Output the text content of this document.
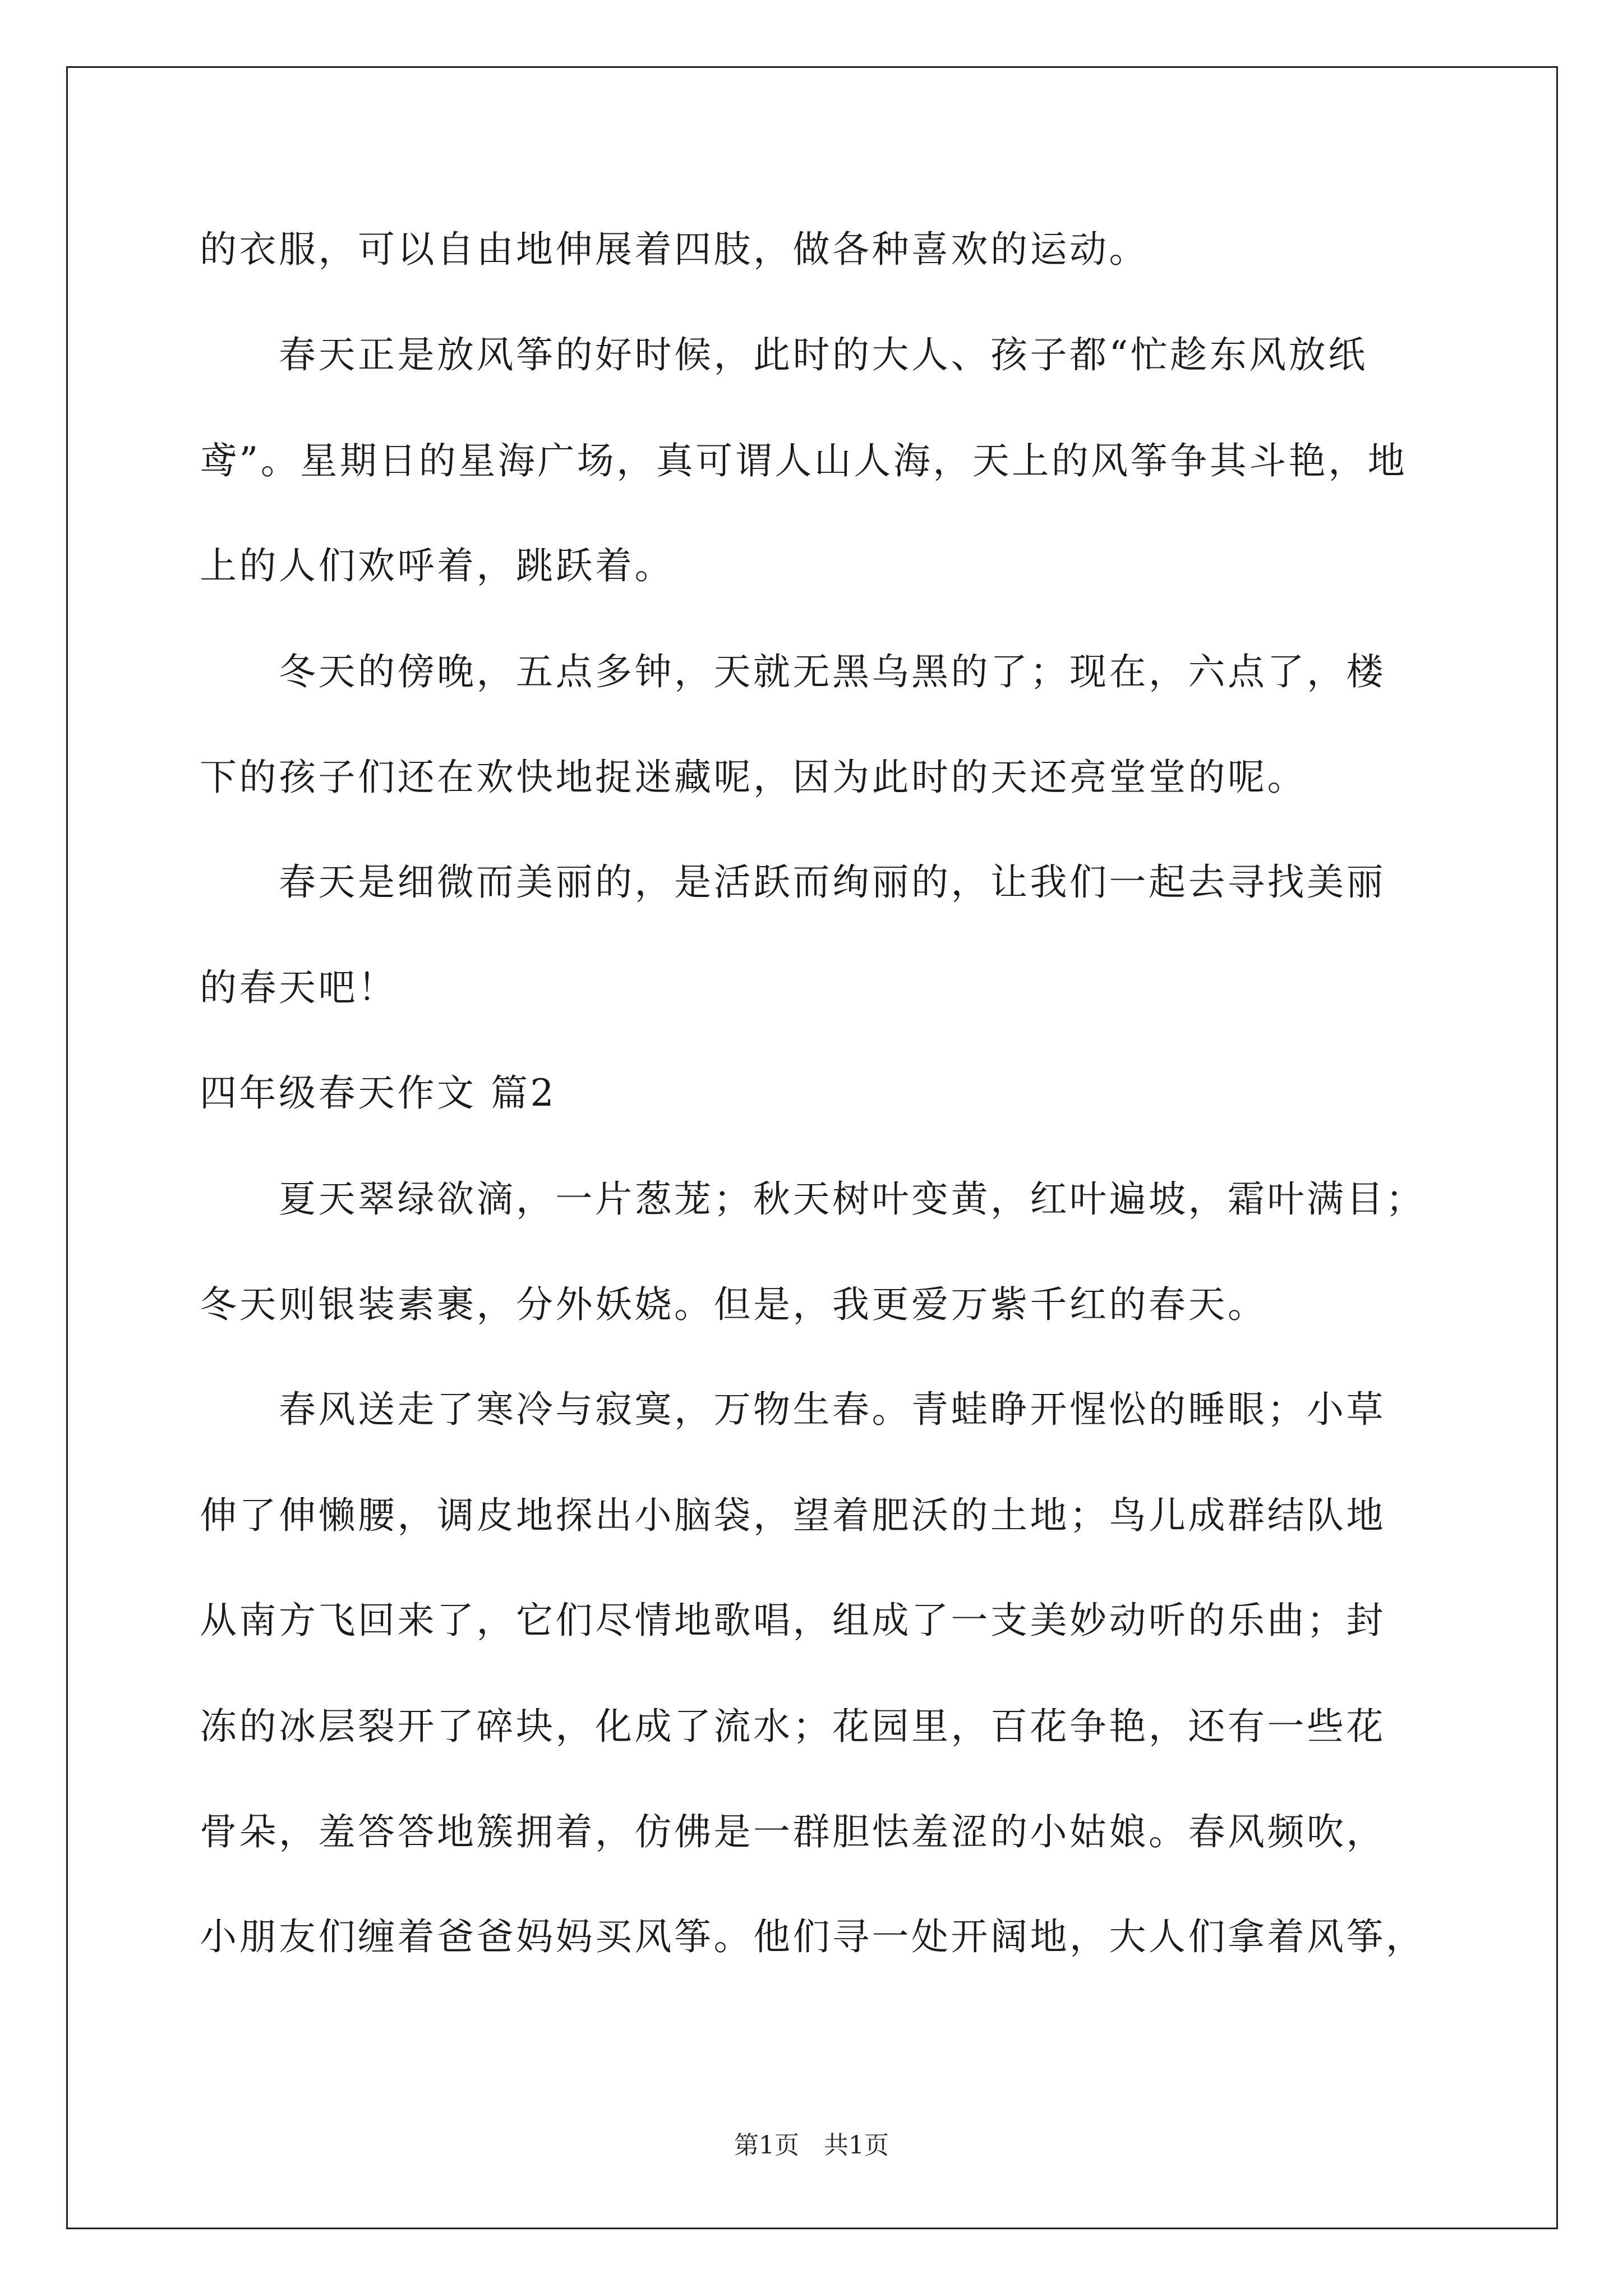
的衣服，可以自由地伸展着四肢，做各种喜欢的运动。
　　春天正是放风筝的好时候，此时的大人、孩子都“忙趁东风放纸
鸢”。星期日的星海广场，真可谓人山人海，天上的风筝争其斗艳，地
上的人们欢呼着，跳跃着。
　　冬天的傍晚，五点多钟，天就无黑乌黑的了；现在，六点了，楼
下的孩子们还在欢快地捉迷藏呢，因为此时的天还亮堂堂的呢。
　　春天是细微而美丽的，是活跃而绚丽的，让我们一起去寻找美丽
的春天吧！
四年级春天作文 篇2
　　夏天翠绿欲滴，一片葱茏；秋天树叶变黄，红叶遍坡，霜叶满目；
冬天则银装素裹，分外妖娆。但是，我更爱万紫千红的春天。
　　春风送走了寒冷与寂寞，万物生春。青蛙睁开惺忪的睡眼；小草
伸了伸懒腰，调皮地探出小脑袋，望着肥沃的土地；鸟儿成群结队地
从南方飞回来了，它们尽情地歌唱，组成了一支美妙动听的乐曲；封
冻的冰层裂开了碎块，化成了流水；花园里，百花争艳，还有一些花
骨朵，羞答答地簇拥着，仿佛是一群胆怯羞涩的小姑娘。春风频吹，
小朋友们缠着爸爸妈妈买风筝。他们寻一处开阔地，大人们拿着风筝，
第1页　共1页
